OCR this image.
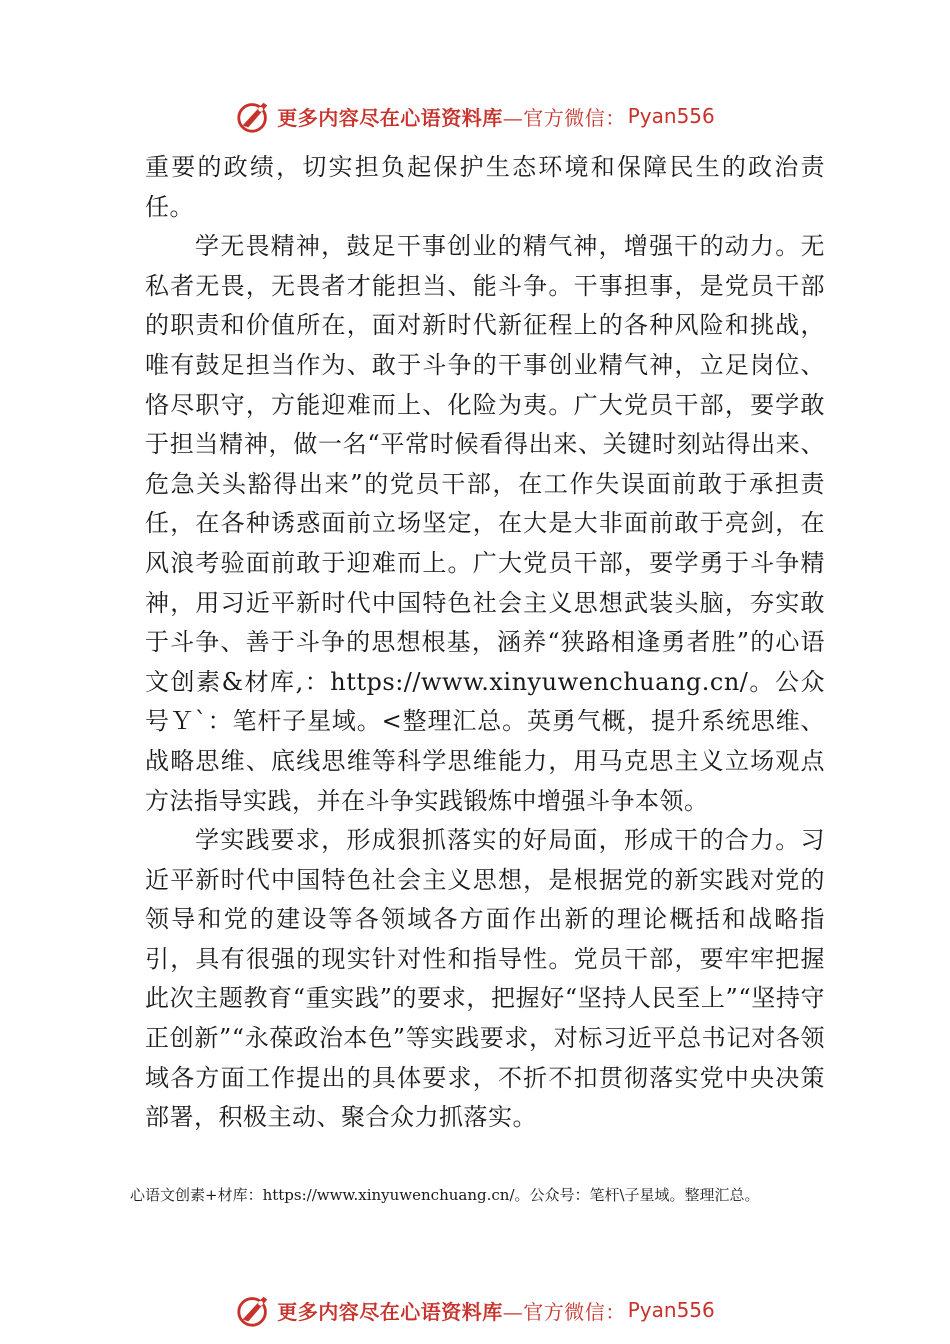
更多内容尽在心语资料库 —官方微信： Pyan556

重要的政绩，切实担负起保护生态环境和保障民生的政治责任。

学无畏精神，鼓足干事创业的精气神，增强干的动力。无私者无畏，无畏者才能担当、能斗争。干事担事，是党员干部的职责和价值所在，面对新时代新征程上的各种风险和挑战，唯有鼓足担当作为、敢于斗争的干事创业精气神，立足岗位、恪尽职守，方能迎难而上、化险为夷。广大党员干部，要学敢于担当精神，做一名“平常时候看得出来、关键时刻站得出来、危急关头豁得出来”的党员干部，在工作失误面前敢于承担责任，在各种诱惑面前立场坚定，在大是大非面前敢于亮剑，在风浪考验面前敢于迎难而上。广大党员干部，要学勇于斗争精神，用习近平新时代中国特色社会主义思想武装头脑，夯实敢于斗争、善于斗争的思想根基，涵养“狭路相逢勇者胜”的心语文创素&材库,：https://www.xinyuwenchuang.cn/。公众号Ｙ`：笔杆子星域。<整理汇总。英勇气概，提升系统思维、战略思维、底线思维等科学思维能力，用马克思主义立场观点方法指导实践，并在斗争实践锻炼中增强斗争本领。

学实践要求，形成狠抓落实的好局面，形成干的合力。习近平新时代中国特色社会主义思想，是根据党的新实践对党的领导和党的建设等各领域各方面作出新的理论概括和战略指引，具有很强的现实针对性和指导性。党员干部，要牢牢把握此次主题教育“重实践”的要求，把握好“坚持人民至上”“坚持守正创新”“永葆政治本色”等实践要求，对标习近平总书记对各领域各方面工作提出的具体要求，不折不扣贯彻落实党中央决策部署，积极主动、聚合众力抓落实。

心语文创素+材库：https://www.xinyuwenchuang.cn/。公众号：笔杆\子星域。整理汇总。
更多内容尽在心语资料库 —官方微信： Pyan556
